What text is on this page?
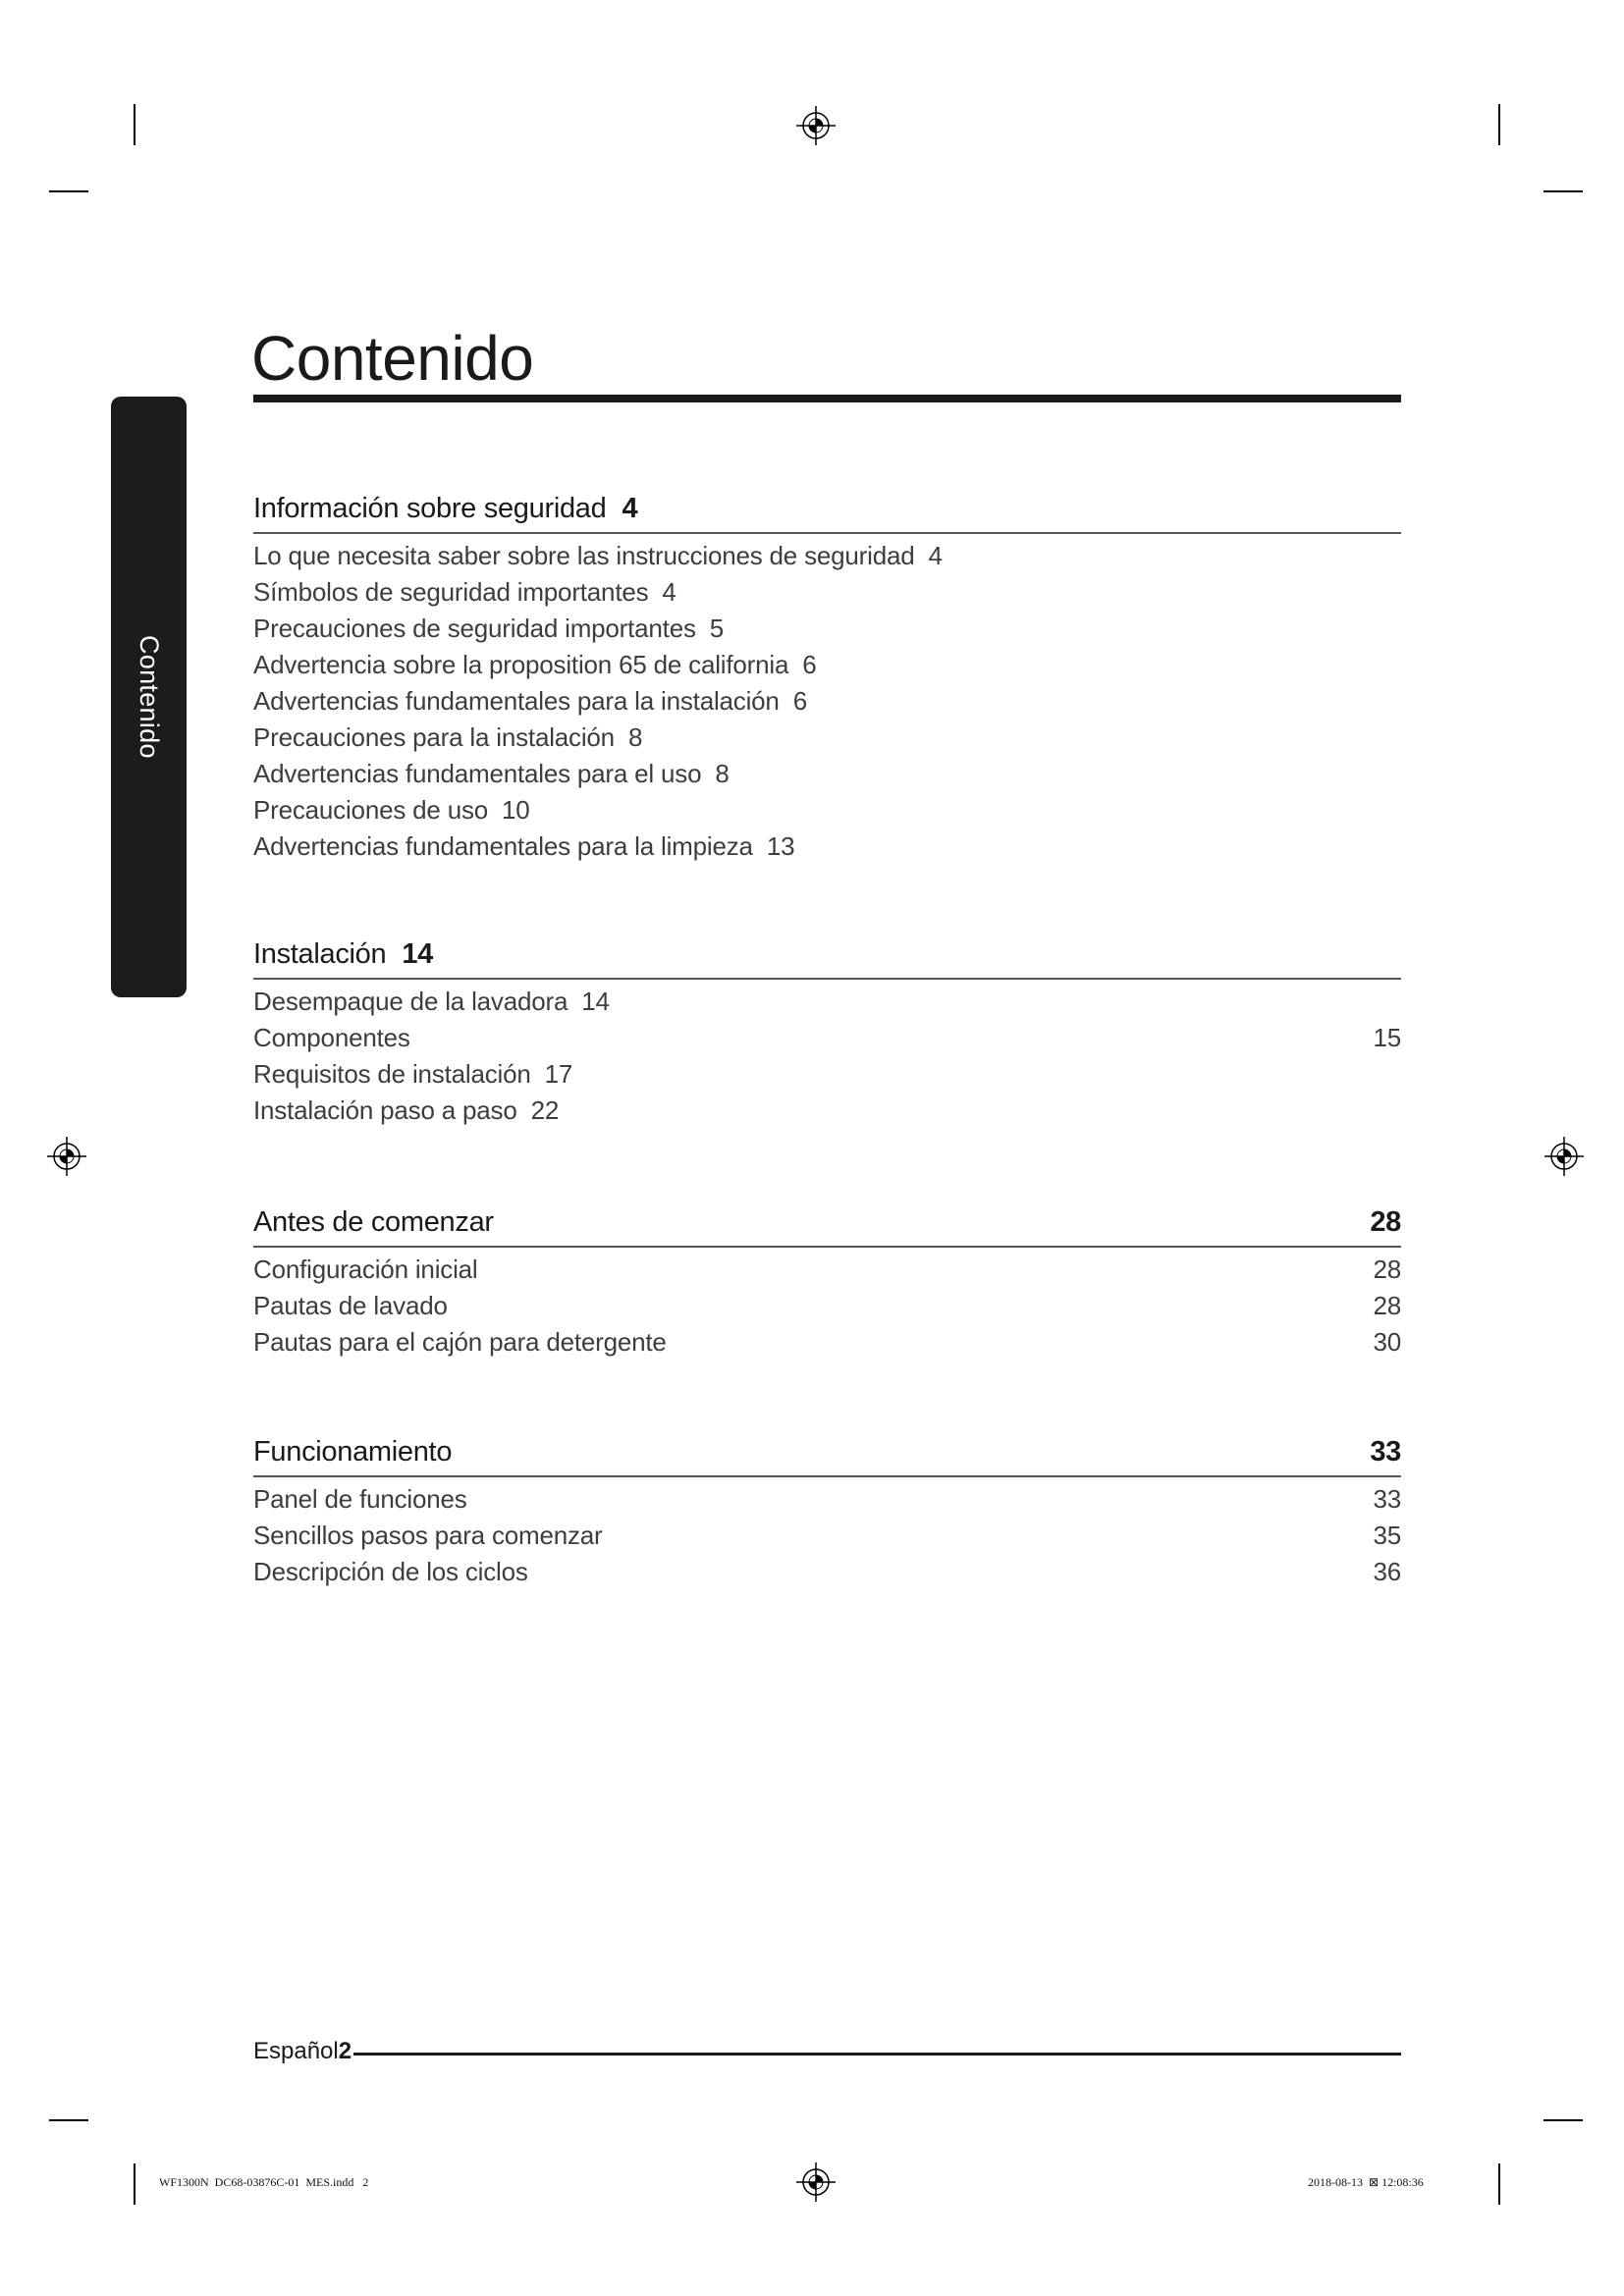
Contenido
Contenido
Información sobre seguridad 4
Lo que necesita saber sobre las instrucciones de seguridad 4
Símbolos de seguridad importantes 4
Precauciones de seguridad importantes 5
Advertencia sobre la proposition 65 de california 6
Advertencias fundamentales para la instalación 6
Precauciones para la instalación 8
Advertencias fundamentales para el uso 8
Precauciones de uso 10
Advertencias fundamentales para la limpieza 13
Instalación 14
Desempaque de la lavadora 14
Componentes	15
Requisitos de instalación 17
Instalación paso a paso 22
Antes de comenzar	28
Configuración inicial	28
Pautas de lavado	28
Pautas para el cajón para detergente	30
Funcionamiento	33
Panel de funciones	33
Sencillos pasos para comenzar	35
Descripción de los ciclos	36
Español2
WF1300N  DC68-03876C-01  MES.indd 2	2018-08-13 ⊠ 12:08:36
